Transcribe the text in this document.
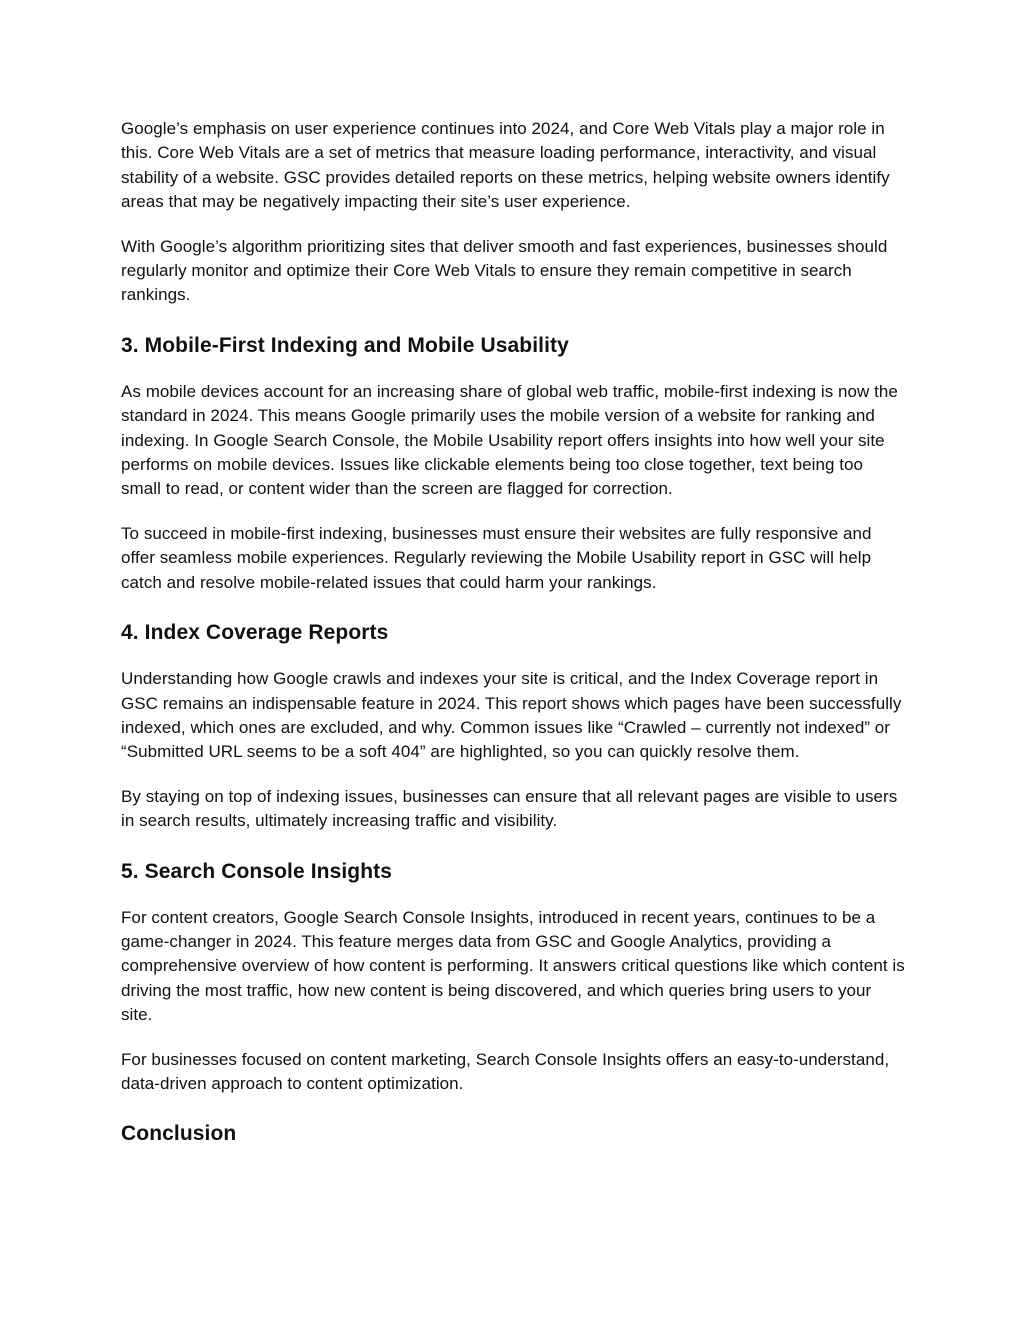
Google’s emphasis on user experience continues into 2024, and Core Web Vitals play a major role in this. Core Web Vitals are a set of metrics that measure loading performance, interactivity, and visual stability of a website. GSC provides detailed reports on these metrics, helping website owners identify areas that may be negatively impacting their site’s user experience.

With Google’s algorithm prioritizing sites that deliver smooth and fast experiences, businesses should regularly monitor and optimize their Core Web Vitals to ensure they remain competitive in search rankings.

3. Mobile-First Indexing and Mobile Usability

As mobile devices account for an increasing share of global web traffic, mobile-first indexing is now the standard in 2024. This means Google primarily uses the mobile version of a website for ranking and indexing. In Google Search Console, the Mobile Usability report offers insights into how well your site performs on mobile devices. Issues like clickable elements being too close together, text being too small to read, or content wider than the screen are flagged for correction.

To succeed in mobile-first indexing, businesses must ensure their websites are fully responsive and offer seamless mobile experiences. Regularly reviewing the Mobile Usability report in GSC will help catch and resolve mobile-related issues that could harm your rankings.

4. Index Coverage Reports

Understanding how Google crawls and indexes your site is critical, and the Index Coverage report in GSC remains an indispensable feature in 2024. This report shows which pages have been successfully indexed, which ones are excluded, and why. Common issues like “Crawled – currently not indexed” or “Submitted URL seems to be a soft 404” are highlighted, so you can quickly resolve them.

By staying on top of indexing issues, businesses can ensure that all relevant pages are visible to users in search results, ultimately increasing traffic and visibility.

5. Search Console Insights

For content creators, Google Search Console Insights, introduced in recent years, continues to be a game-changer in 2024. This feature merges data from GSC and Google Analytics, providing a comprehensive overview of how content is performing. It answers critical questions like which content is driving the most traffic, how new content is being discovered, and which queries bring users to your site.

For businesses focused on content marketing, Search Console Insights offers an easy-to-understand, data-driven approach to content optimization.

Conclusion
